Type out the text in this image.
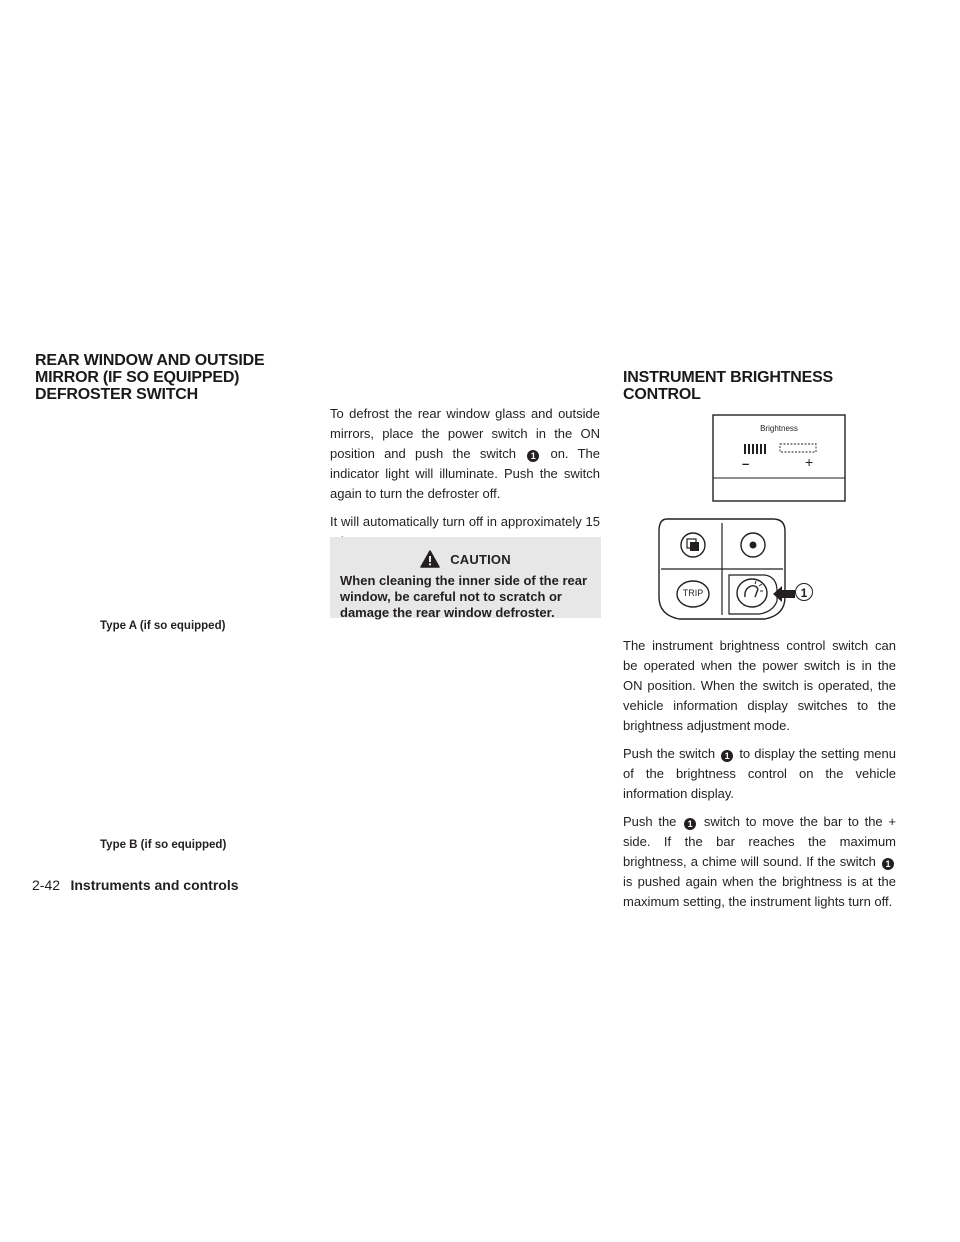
REAR WINDOW AND OUTSIDE
MIRROR (IF SO EQUIPPED)
DEFROSTER SWITCH
Type A (if so equipped)
Type B (if so equipped)

To defrost the rear window glass and outside mirrors, place the power switch in the ON position and push the switch 1 on. The indicator light will illuminate. Push the switch again to turn the defroster off.

It will automatically turn off in approximately 15

CAUTION
When cleaning the inner side of the rear window, be careful not to scratch or damage the rear window defroster.
INSTRUMENT BRIGHTNESS
CONTROL
Brightness
–	+
TRIP	1

The instrument brightness control switch can be operated when the power switch is in the ON position. When the switch is operated, the vehicle information display switches to the brightness adjustment mode.

Push the switch 1 to display the setting menu of the brightness control on the vehicle information display.

Push the 1 switch to move the bar to the + side. If the bar reaches the maximum brightness, a chime will sound. If the switch 1 is pushed again when the brightness is at the maximum setting, the instrument lights turn off.

2-42 Instruments and controls
